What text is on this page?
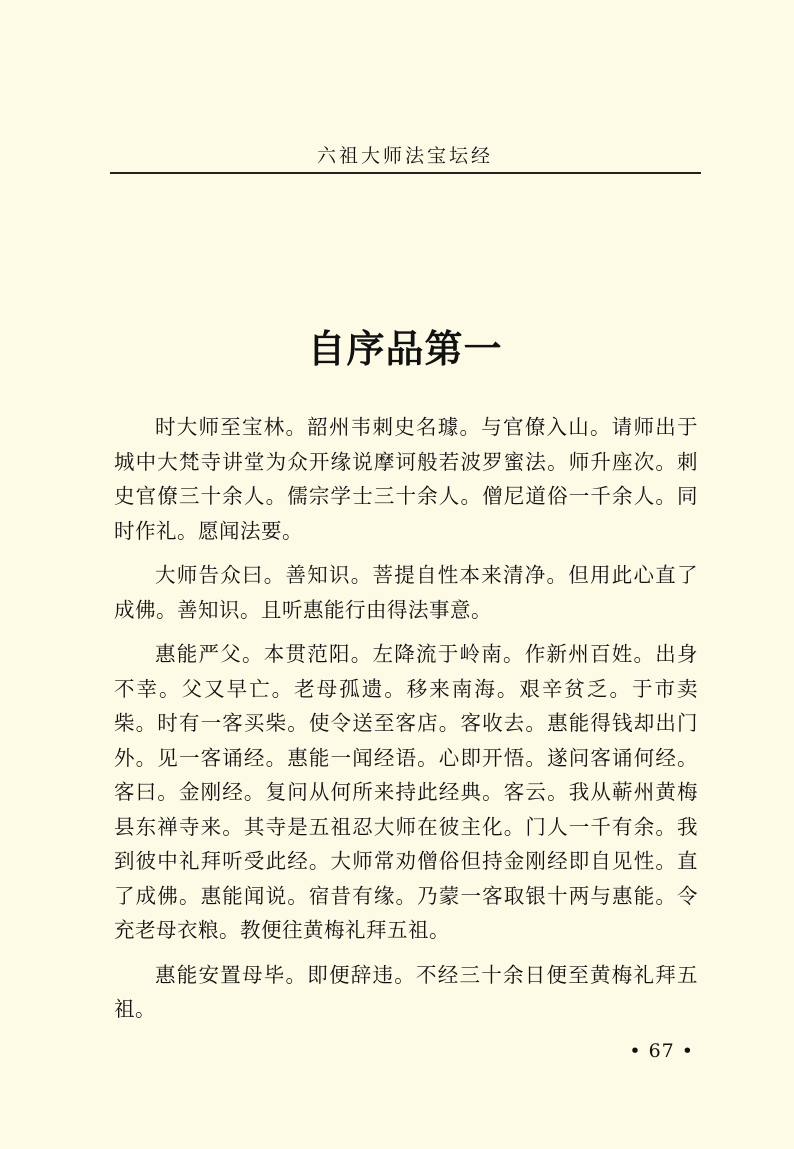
六祖大师法宝坛经
自序品第一

时大师至宝林。韶州韦刺史名璩。与官僚入山。请师出于城中大梵寺讲堂为众开缘说摩诃般若波罗蜜法。师升座次。刺史官僚三十余人。儒宗学士三十余人。僧尼道俗一千余人。同时作礼。愿闻法要。

大师告众曰。善知识。菩提自性本来清净。但用此心直了成佛。善知识。且听惠能行由得法事意。

惠能严父。本贯范阳。左降流于岭南。作新州百姓。出身不幸。父又早亡。老母孤遗。移来南海。艰辛贫乏。于市卖柴。时有一客买柴。使令送至客店。客收去。惠能得钱却出门外。见一客诵经。惠能一闻经语。心即开悟。遂问客诵何经。客曰。金刚经。复问从何所来持此经典。客云。我从蕲州黄梅县东禅寺来。其寺是五祖忍大师在彼主化。门人一千有余。我到彼中礼拜听受此经。大师常劝僧俗但持金刚经即自见性。直了成佛。惠能闻说。宿昔有缘。乃蒙一客取银十两与惠能。令充老母衣粮。教便往黄梅礼拜五祖。

惠能安置母毕。即便辞违。不经三十余日便至黄梅礼拜五祖。

• 67 •
